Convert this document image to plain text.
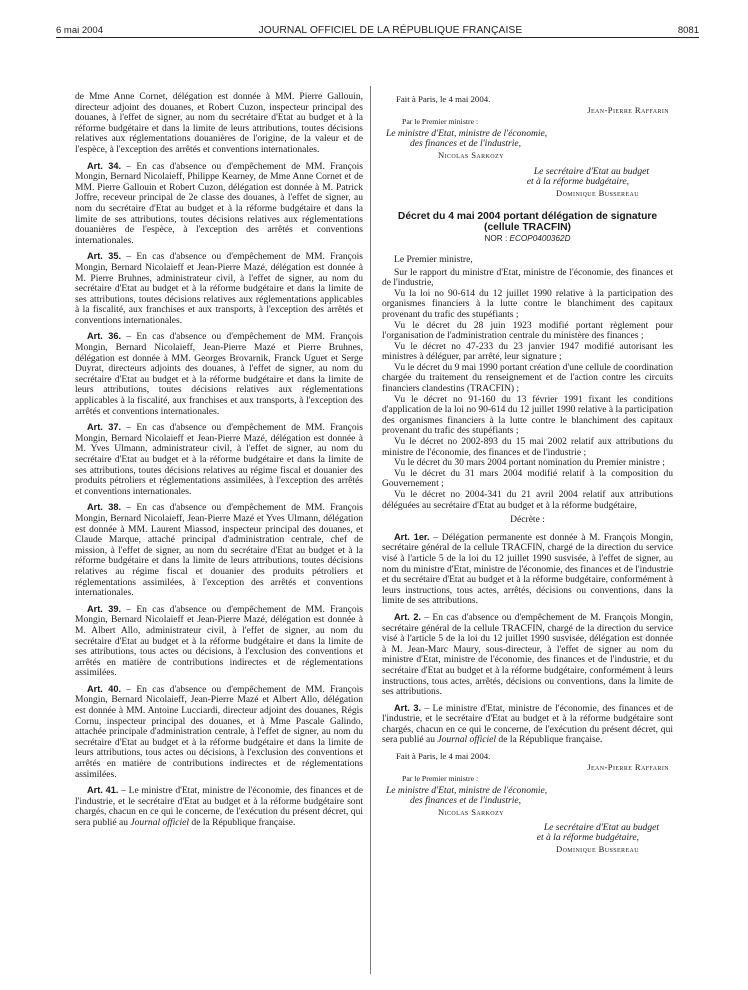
6 mai 2004	JOURNAL OFFICIEL DE LA RÉPUBLIQUE FRANÇAISE	8081

de Mme Anne Cornet, délégation est donnée à MM. Pierre Gallouin, directeur adjoint des douanes, et Robert Cuzon, inspecteur principal des douanes, à l'effet de signer, au nom du secrétaire d'Etat au budget et à la réforme budgétaire et dans la limite de leurs attributions, toutes décisions relatives aux réglementations douanières de l'origine, de la valeur et de l'espèce, à l'exception des arrêtés et conventions internationales.

Art. 34. – En cas d'absence ou d'empêchement de MM. François Mongin, Bernard Nicolaieff, Philippe Kearney, de Mme Anne Cornet et de MM. Pierre Gallouin et Robert Cuzon, délégation est donnée à M. Patrick Joffre, receveur principal de 2e classe des douanes, à l'effet de signer, au nom du secrétaire d'Etat au budget et à la réforme budgétaire et dans la limite de ses attributions, toutes décisions relatives aux réglementations douanières de l'espèce, à l'exception des arrêtés et conventions internationales.

Art. 35. – En cas d'absence ou d'empêchement de MM. François Mongin, Bernard Nicolaieff et Jean-Pierre Mazé, délégation est donnée à M. Pierre Bruhnes, administrateur civil, à l'effet de signer, au nom du secrétaire d'Etat au budget et à la réforme budgétaire et dans la limite de ses attributions, toutes décisions relatives aux réglementations applicables à la fiscalité, aux franchises et aux transports, à l'exception des arrêtés et conventions internationales.

Art. 36. – En cas d'absence ou d'empêchement de MM. François Mongin, Bernard Nicolaieff, Jean-Pierre Mazé et Pierre Bruhnes, délégation est donnée à MM. Georges Brovarnik, Franck Uguet et Serge Duyrat, directeurs adjoints des douanes, à l'effet de signer, au nom du secrétaire d'Etat au budget et à la réforme budgétaire et dans la limite de leurs attributions, toutes décisions relatives aux réglementations applicables à la fiscalité, aux franchises et aux transports, à l'exception des arrêtés et conventions internationales.

Art. 37. – En cas d'absence ou d'empêchement de MM. François Mongin, Bernard Nicolaieff et Jean-Pierre Mazé, délégation est donnée à M. Yves Ulmann, administrateur civil, à l'effet de signer, au nom du secrétaire d'Etat au budget et à la réforme budgétaire et dans la limite de ses attributions, toutes décisions relatives au régime fiscal et douanier des produits pétroliers et réglementations assimilées, à l'exception des arrêtés et conventions internationales.

Art. 38. – En cas d'absence ou d'empêchement de MM. François Mongin, Bernard Nicolaieff, Jean-Pierre Mazé et Yves Ulmann, délégation est donnée à MM. Laurent Miassod, inspecteur principal des douanes, et Claude Marque, attaché principal d'administration centrale, chef de mission, à l'effet de signer, au nom du secrétaire d'Etat au budget et à la réforme budgétaire et dans la limite de leurs attributions, toutes décisions relatives au régime fiscal et douanier des produits pétroliers et réglementations assimilées, à l'exception des arrêtés et conventions internationales.

Art. 39. – En cas d'absence ou d'empêchement de MM. François Mongin, Bernard Nicolaieff et Jean-Pierre Mazé, délégation est donnée à M. Albert Allo, administrateur civil, à l'effet de signer, au nom du secrétaire d'Etat au budget et à la réforme budgétaire et dans la limite de ses attributions, tous actes ou décisions, à l'exclusion des conventions et arrêtés en matière de contributions indirectes et de réglementations assimilées.

Art. 40. – En cas d'absence ou d'empêchement de MM. François Mongin, Bernard Nicolaieff, Jean-Pierre Mazé et Albert Allo, délégation est donnée à MM. Antoine Lucciardi, directeur adjoint des douanes, Régis Cornu, inspecteur principal des douanes, et à Mme Pascale Galindo, attachée principale d'administration centrale, à l'effet de signer, au nom du secrétaire d'Etat au budget et à la réforme budgétaire et dans la limite de leurs attributions, tous actes ou décisions, à l'exclusion des conventions et arrêtés en matière de contributions indirectes et de réglementations assimilées.

Art. 41. – Le ministre d'Etat, ministre de l'économie, des finances et de l'industrie, et le secrétaire d'Etat au budget et à la réforme budgétaire sont chargés, chacun en ce qui le concerne, de l'exécution du présent décret, qui sera publié au Journal officiel de la République française.

Fait à Paris, le 4 mai 2004.
Jean-Pierre Raffarin
Par le Premier ministre :
Le ministre d'Etat, ministre de l'économie,
des finances et de l'industrie,
Nicolas Sarkozy
Le secrétaire d'Etat au budget
et à la réforme budgétaire,
Dominique Bussereau
Décret du 4 mai 2004 portant délégation de signature
(cellule TRACFIN)
NOR : ECOP0400362D

Le Premier ministre,

Sur le rapport du ministre d'Etat, ministre de l'économie, des finances et de l'industrie,

Vu la loi no 90-614 du 12 juillet 1990 relative à la participation des organismes financiers à la lutte contre le blanchiment des capitaux provenant du trafic des stupéfiants ;

Vu le décret du 28 juin 1923 modifié portant règlement pour l'organisation de l'administration centrale du ministère des finances ;

Vu le décret no 47-233 du 23 janvier 1947 modifié autorisant les ministres à déléguer, par arrêté, leur signature ;

Vu le décret du 9 mai 1990 portant création d'une cellule de coordination chargée du traitement du renseignement et de l'action contre les circuits financiers clandestins (TRACFIN) ;

Vu le décret no 91-160 du 13 février 1991 fixant les conditions d'application de la loi no 90-614 du 12 juillet 1990 relative à la participation des organismes financiers à la lutte contre le blanchiment des capitaux provenant du trafic des stupéfiants ;

Vu le décret no 2002-893 du 15 mai 2002 relatif aux attributions du ministre de l'économie, des finances et de l'industrie ;

Vu le décret du 30 mars 2004 portant nomination du Premier ministre ;

Vu le décret du 31 mars 2004 modifié relatif à la composition du Gouvernement ;

Vu le décret no 2004-341 du 21 avril 2004 relatif aux attributions déléguées au secrétaire d'Etat au budget et à la réforme budgétaire,

Décrète :

Art. 1er. – Délégation permanente est donnée à M. François Mongin, secrétaire général de la cellule TRACFIN, chargé de la direction du service visé à l'article 5 de la loi du 12 juillet 1990 susvisée, à l'effet de signer, au nom du ministre d'Etat, ministre de l'économie, des finances et de l'industrie et du secrétaire d'Etat au budget et à la réforme budgétaire, conformément à leurs instructions, tous actes, arrêtés, décisions ou conventions, dans la limite de ses attributions.

Art. 2. – En cas d'absence ou d'empêchement de M. François Mongin, secrétaire général de la cellule TRACFIN, chargé de la direction du service visé à l'article 5 de la loi du 12 juillet 1990 susvisée, délégation est donnée à M. Jean-Marc Maury, sous-directeur, à l'effet de signer au nom du ministre d'Etat, ministre de l'économie, des finances et de l'industrie, et du secrétaire d'Etat au budget et à la réforme budgétaire, conformément à leurs instructions, tous actes, arrêtés, décisions ou conventions, dans la limite de ses attributions.

Art. 3. – Le ministre d'Etat, ministre de l'économie, des finances et de l'industrie, et le secrétaire d'Etat au budget et à la réforme budgétaire sont chargés, chacun en ce qui le concerne, de l'exécution du présent décret, qui sera publié au Journal officiel de la République française.

Fait à Paris, le 4 mai 2004.
Jean-Pierre Raffarin
Par le Premier ministre :
Le ministre d'Etat, ministre de l'économie,
des finances et de l'industrie,
Nicolas Sarkozy
Le secrétaire d'Etat au budget
et à la réforme budgétaire,
Dominique Bussereau
